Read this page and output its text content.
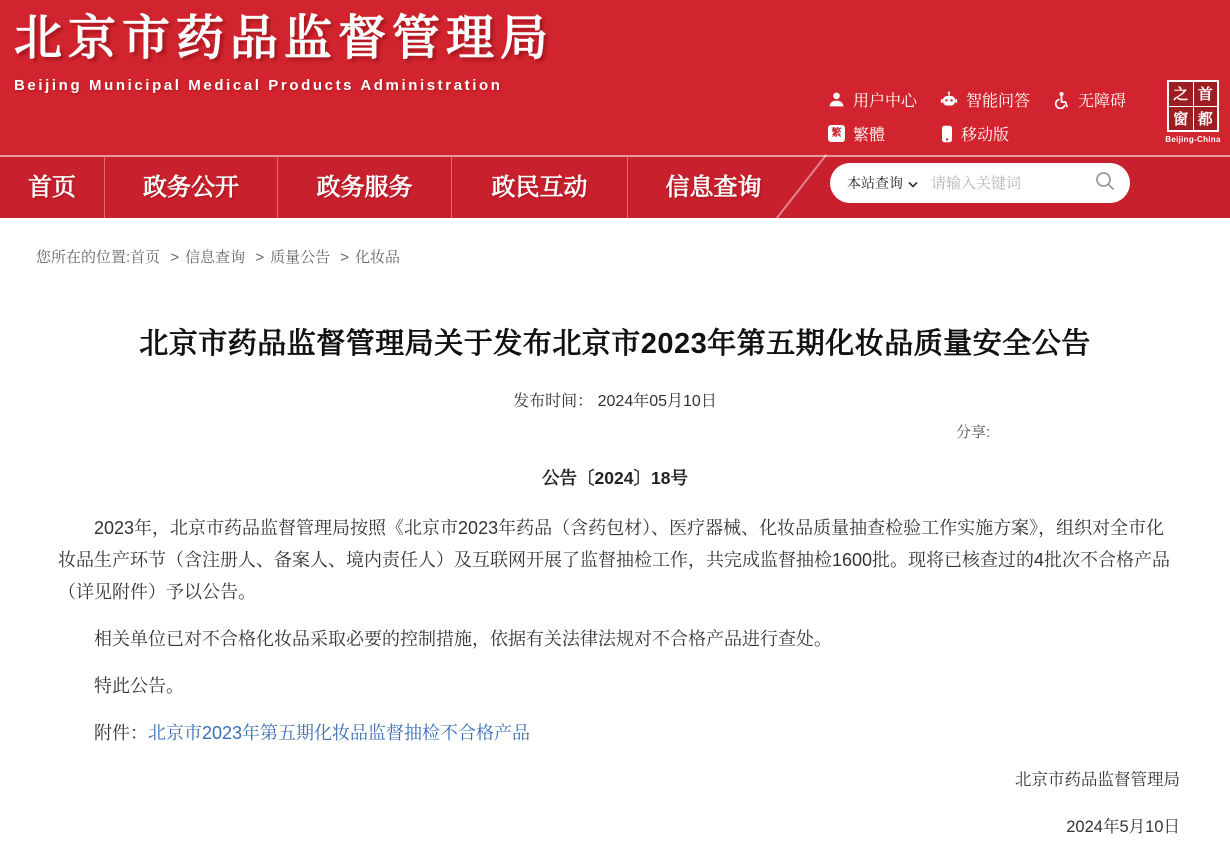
北京市药品监督管理局
Beijing Municipal Medical Products Administration
用户中心	智能问答	无障碍
繁 繁體	移动版
之 首
窗 都
Beijing-China
首页	政务公开	政务服务	政民互动	信息查询	本站查询
请输入关键词
您所在的位置:首页 > 信息查询 > 质量公告 > 化妆品
北京市药品监督管理局关于发布北京市2023年第五期化妆品质量安全公告
发布时间： 2024年05月10日
分享:
公告〔2024〕18号

2023年，北京市药品监督管理局按照《北京市2023年药品（含药包材）、医疗器械、化妆品质量抽查检验工作实施方案》，组织对全市化妆品生产环节（含注册人、备案人、境内责任人）及互联网开展了监督抽检工作，共完成监督抽检1600批。现将已核查过的4批次不合格产品（详见附件）予以公告。

相关单位已对不合格化妆品采取必要的控制措施，依据有关法律法规对不合格产品进行查处。

特此公告。

附件：北京市2023年第五期化妆品监督抽检不合格产品

北京市药品监督管理局
2024年5月10日
